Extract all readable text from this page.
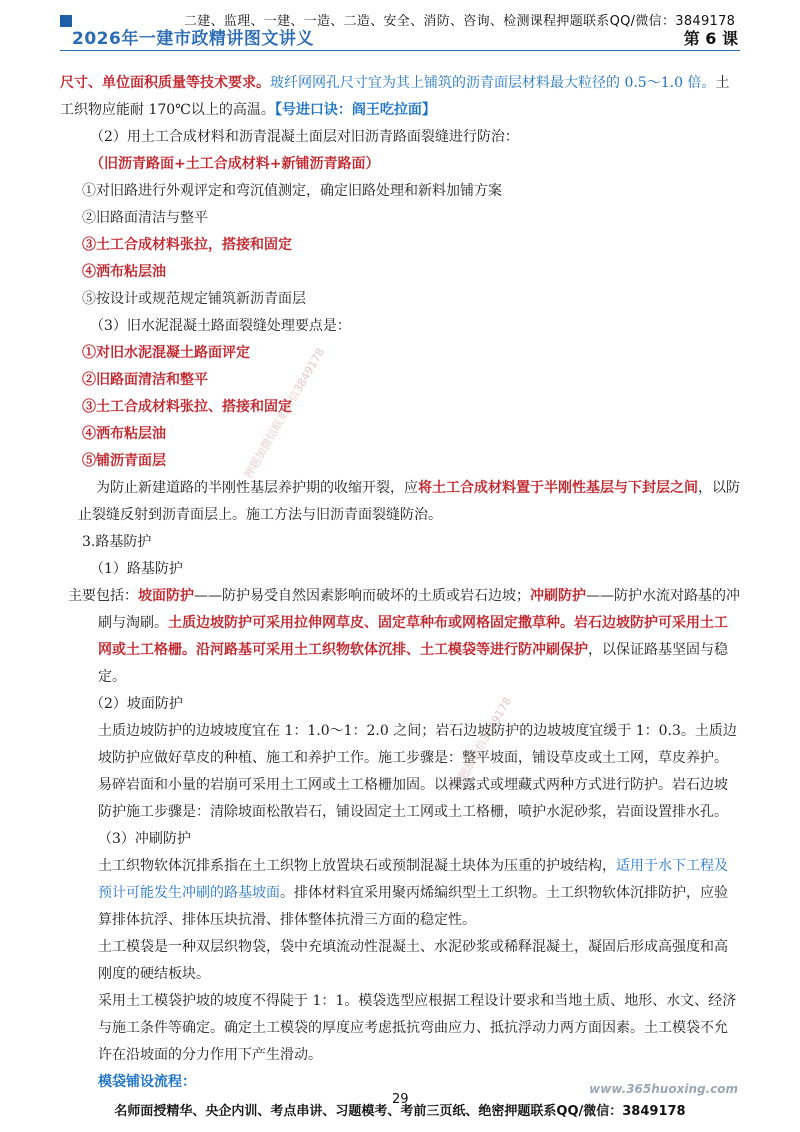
2026年一建市政精讲图文讲义
二建、监理、一建、一造、二造、安全、消防、咨询、检测课程押题联系QQ/微信：3849178
第 6 课
押题加微信联系微信3849178
押题加微信3849178

尺寸、单位面积质量等技术要求。玻纤网网孔尺寸宜为其上铺筑的沥青面层材料最大粒径的 0.5～1.0 倍。土工织物应能耐 170℃以上的高温。【号进口诀：阎王吃拉面】

（2）用土工合成材料和沥青混凝土面层对旧沥青路面裂缝进行防治：

（旧沥青路面+土工合成材料+新铺沥青路面）

①对旧路进行外观评定和弯沉值测定，确定旧路处理和新料加铺方案

②旧路面清洁与整平

③土工合成材料张拉，搭接和固定

④洒布粘层油

⑤按设计或规范规定铺筑新沥青面层

（3）旧水泥混凝土路面裂缝处理要点是：

①对旧水泥混凝土路面评定

②旧路面清洁和整平

③土工合成材料张拉、搭接和固定

④洒布粘层油

⑤铺沥青面层

为防止新建道路的半刚性基层养护期的收缩开裂，应将土工合成材料置于半刚性基层与下封层之间，以防止裂缝反射到沥青面层上。施工方法与旧沥青面裂缝防治。

3.路基防护

（1）路基防护

主要包括：坡面防护——防护易受自然因素影响而破坏的土质或岩石边坡；冲刷防护——防护水流对路基的冲刷与淘刷。土质边坡防护可采用拉伸网草皮、固定草种布或网格固定撒草种。岩石边坡防护可采用土工网或土工格栅。沿河路基可采用土工织物软体沉排、土工模袋等进行防冲刷保护，以保证路基坚固与稳定。

（2）坡面防护

土质边坡防护的边坡坡度宜在 1：1.0～1：2.0 之间；岩石边坡防护的边坡坡度宜缓于 1：0.3。土质边坡防护应做好草皮的种植、施工和养护工作。施工步骤是：整平坡面，铺设草皮或土工网，草皮养护。易碎岩面和小量的岩崩可采用土工网或土工格栅加固。以裸露式或埋藏式两种方式进行防护。岩石边坡防护施工步骤是：清除坡面松散岩石，铺设固定土工网或土工格栅，喷护水泥砂浆，岩面设置排水孔。

（3）冲刷防护

土工织物软体沉排系指在土工织物上放置块石或预制混凝土块体为压重的护坡结构，适用于水下工程及预计可能发生冲刷的路基坡面。排体材料宜采用聚丙烯编织型土工织物。土工织物软体沉排防护，应验算排体抗浮、排体压块抗滑、排体整体抗滑三方面的稳定性。

土工模袋是一种双层织物袋，袋中充填流动性混凝土、水泥砂浆或稀释混凝土，凝固后形成高强度和高刚度的硬结板块。

采用土工模袋护坡的坡度不得陡于 1：1。模袋选型应根据工程设计要求和当地土质、地形、水文、经济与施工条件等确定。确定土工模袋的厚度应考虑抵抗弯曲应力、抵抗浮动力两方面因素。土工模袋不允许在沿坡面的分力作用下产生滑动。

模袋铺设流程：	www.365huoxing.com
29
名师面授精华、央企内训、考点串讲、习题模考、考前三页纸、绝密押题联系QQ/微信：3849178
